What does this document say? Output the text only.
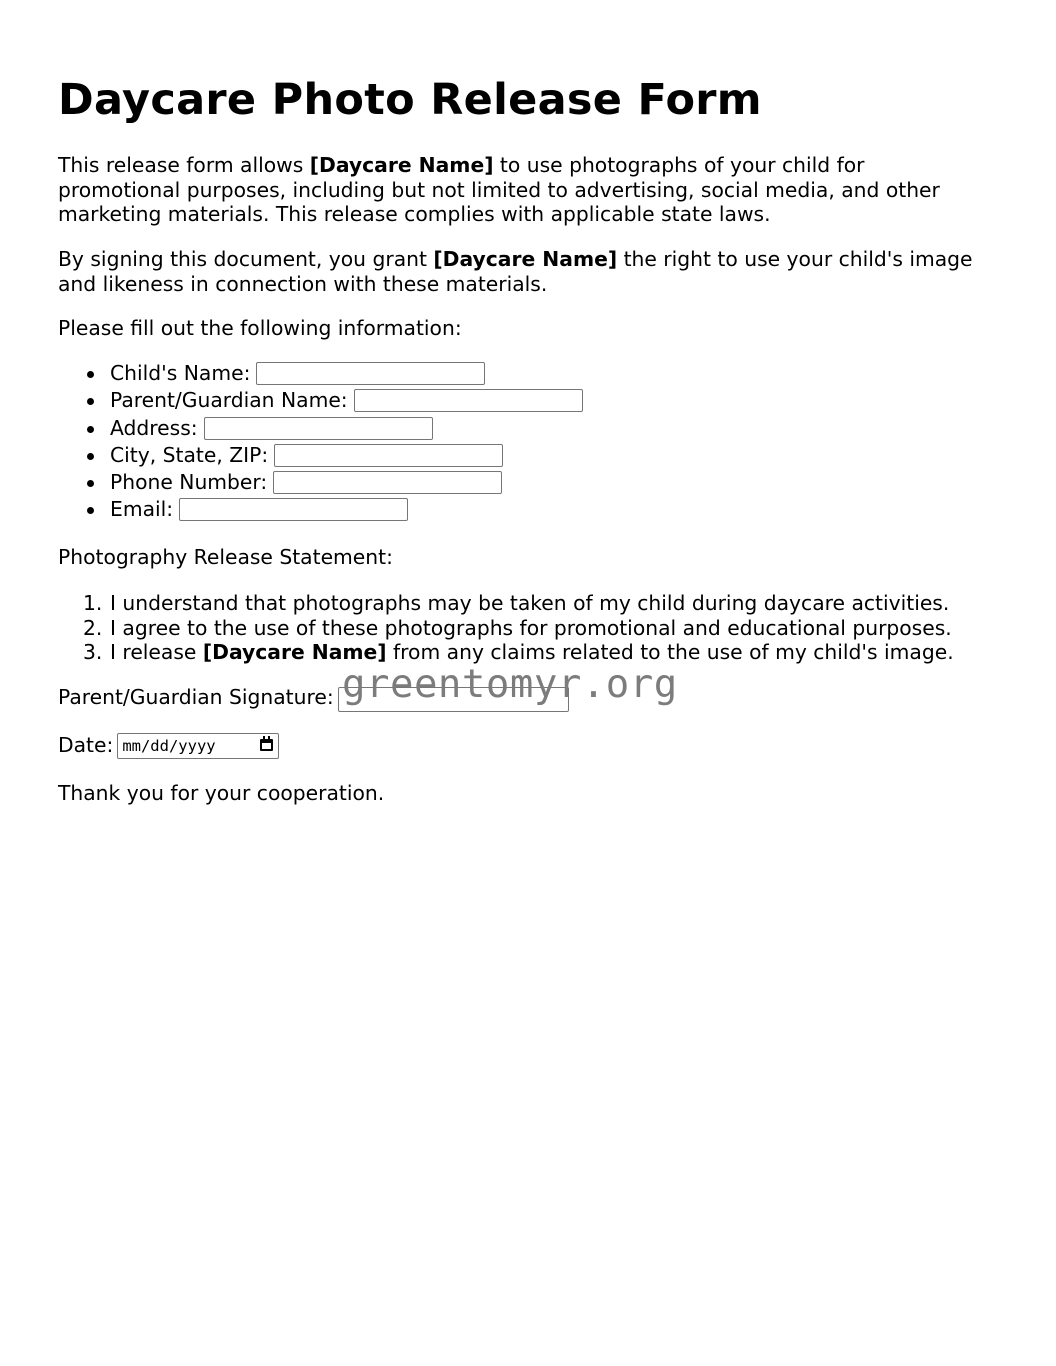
Daycare Photo Release Form

This release form allows [Daycare Name] to use photographs of your child for promotional purposes, including but not limited to advertising, social media, and other marketing materials. This release complies with applicable state laws.

By signing this document, you grant [Daycare Name] the right to use your child's image and likeness in connection with these materials.

Please fill out the following information:

Child's Name:
Parent/Guardian Name:
Address:
City, State, ZIP:
Phone Number:
Email:

Photography Release Statement:

1. I understand that photographs may be taken of my child during daycare activities.
2. I agree to the use of these photographs for promotional and educational purposes.
3. I release [Daycare Name] from any claims related to the use of my child's image.
Parent/Guardian Signature: greentomyr.org
Date: mm/dd/yyyy

Thank you for your cooperation.
